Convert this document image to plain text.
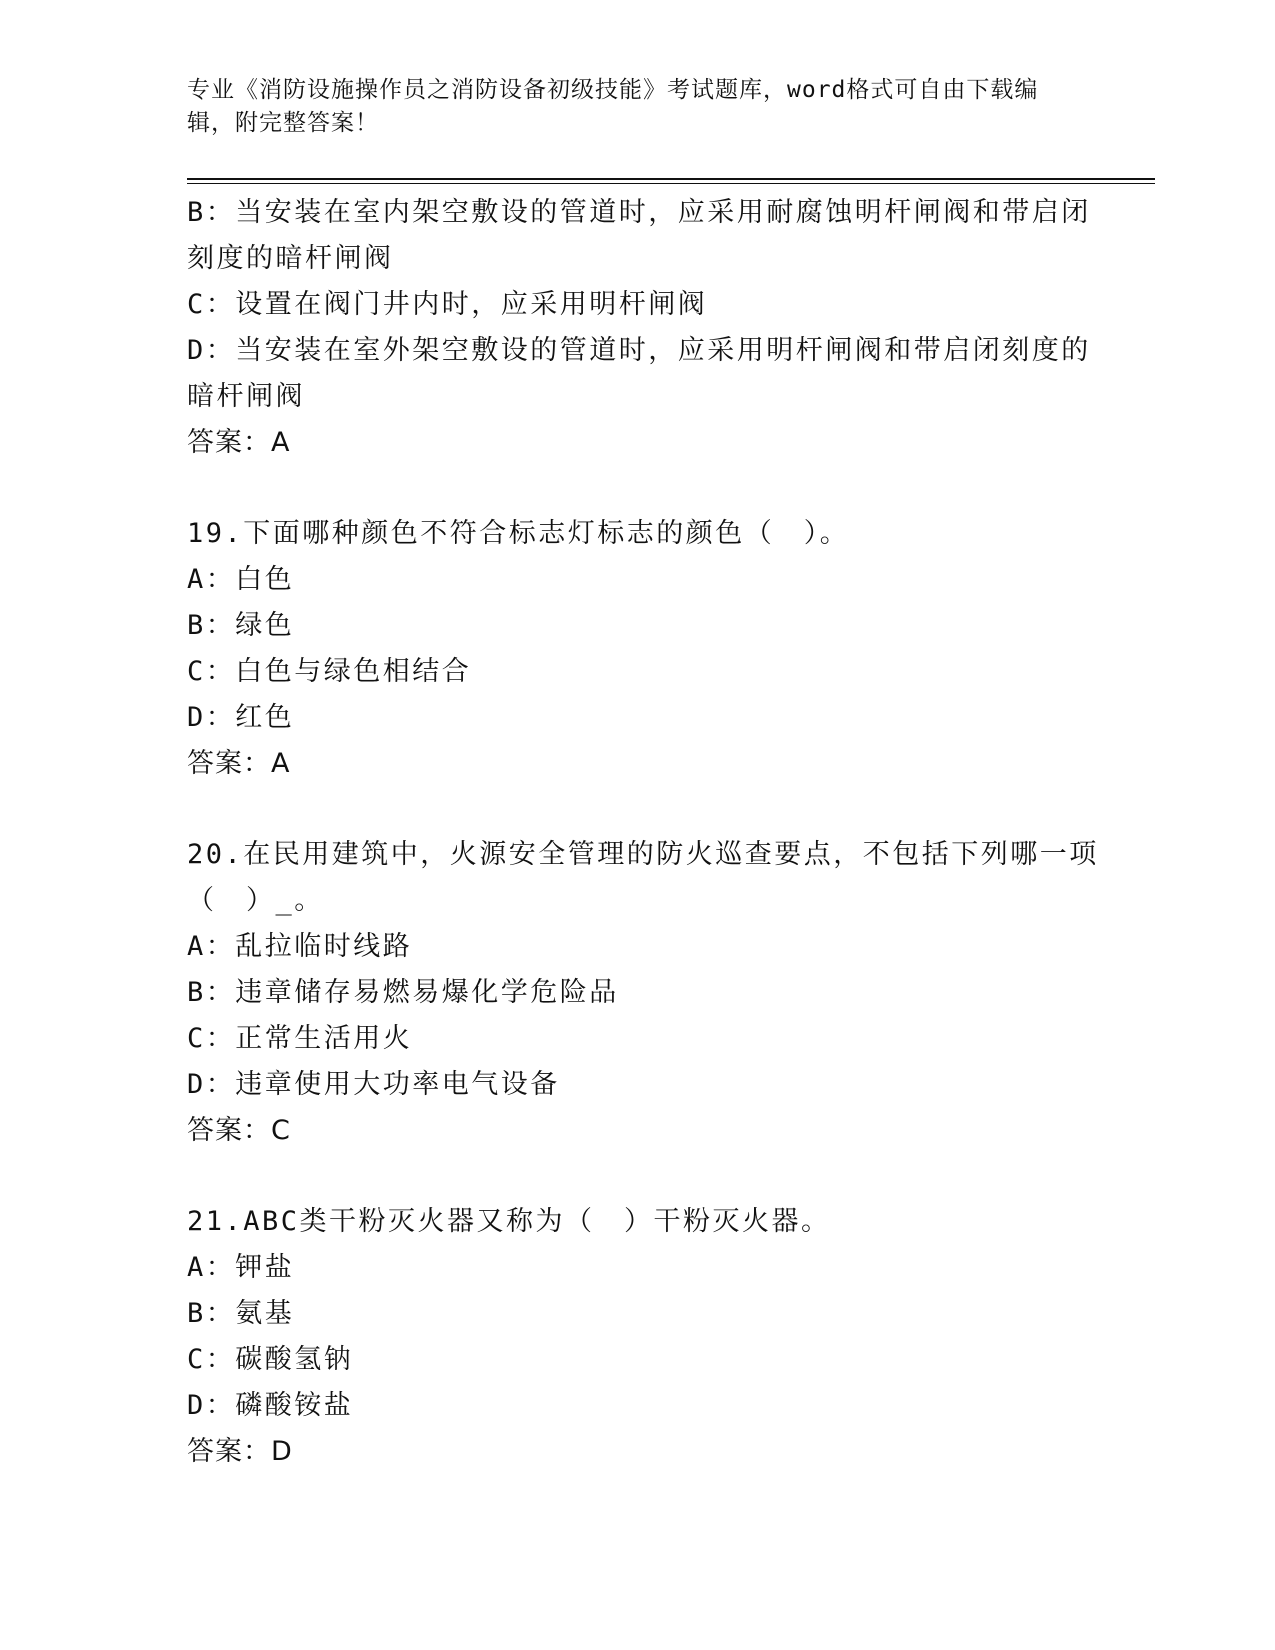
专业《消防设施操作员之消防设备初级技能》考试题库，word格式可自由下载编
辑，附完整答案！
B：当安装在室内架空敷设的管道时，应采用耐腐蚀明杆闸阀和带启闭
刻度的暗杆闸阀
C：设置在阀门井内时，应采用明杆闸阀
D：当安装在室外架空敷设的管道时，应采用明杆闸阀和带启闭刻度的
暗杆闸阀
答案：A
19.下面哪种颜色不符合标志灯标志的颜色（　）。
A：白色
B：绿色
C：白色与绿色相结合
D：红色
答案：A
20.在民用建筑中，火源安全管理的防火巡查要点，不包括下列哪一项
（　）_。
A：乱拉临时线路
B：违章储存易燃易爆化学危险品
C：正常生活用火
D：违章使用大功率电气设备
答案：C
21.ABC类干粉灭火器又称为（　）干粉灭火器。
A：钾盐
B：氨基
C：碳酸氢钠
D：磷酸铵盐
答案：D
